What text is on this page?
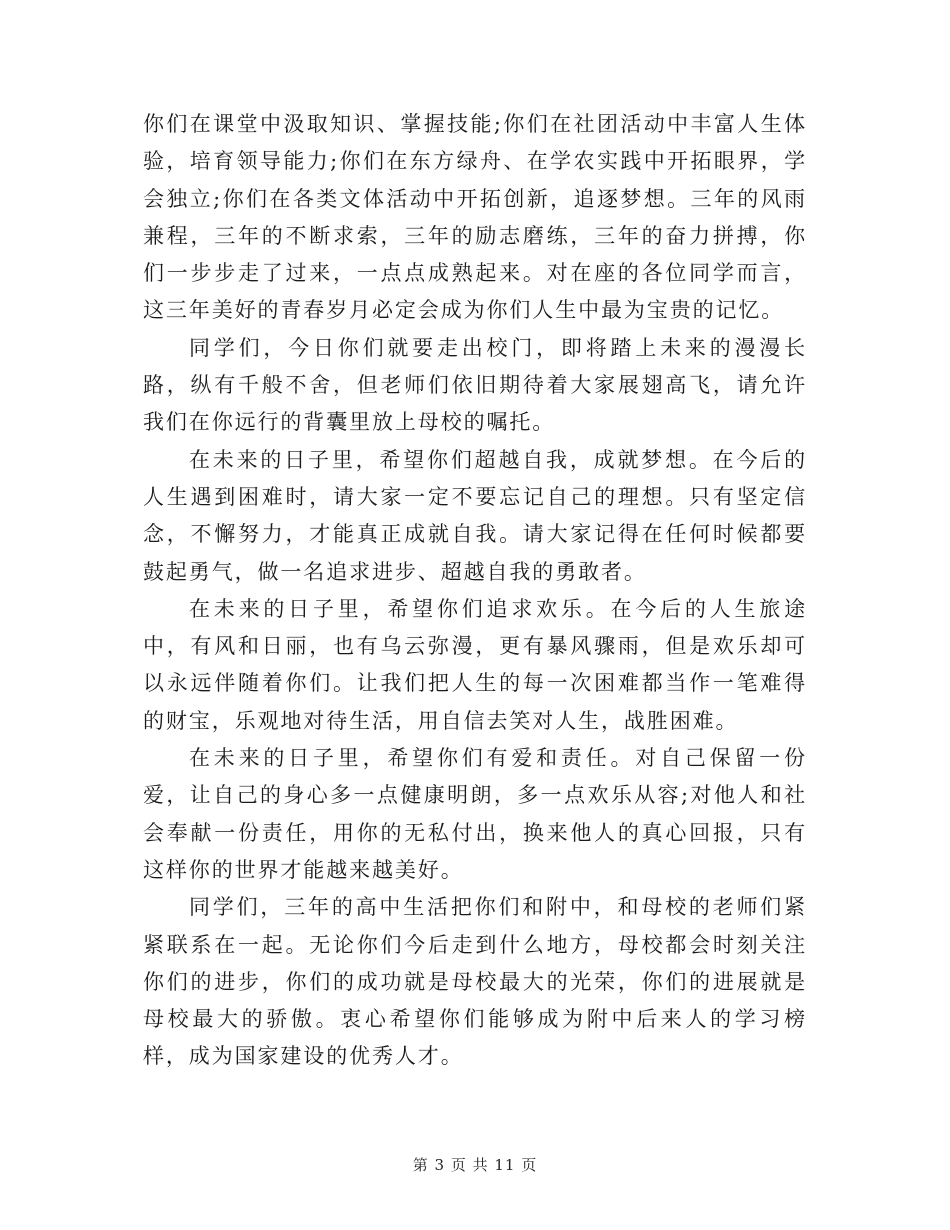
你们在课堂中汲取知识、掌握技能;你们在社团活动中丰富人生体验，培育领导能力;你们在东方绿舟、在学农实践中开拓眼界，学会独立;你们在各类文体活动中开拓创新，追逐梦想。三年的风雨兼程，三年的不断求索，三年的励志磨练，三年的奋力拼搏，你们一步步走了过来，一点点成熟起来。对在座的各位同学而言，这三年美好的青春岁月必定会成为你们人生中最为宝贵的记忆。

同学们，今日你们就要走出校门，即将踏上未来的漫漫长路，纵有千般不舍，但老师们依旧期待着大家展翅高飞，请允许我们在你远行的背囊里放上母校的嘱托。

在未来的日子里，希望你们超越自我，成就梦想。在今后的人生遇到困难时，请大家一定不要忘记自己的理想。只有坚定信念，不懈努力，才能真正成就自我。请大家记得在任何时候都要鼓起勇气，做一名追求进步、超越自我的勇敢者。

在未来的日子里，希望你们追求欢乐。在今后的人生旅途中，有风和日丽，也有乌云弥漫，更有暴风骤雨，但是欢乐却可以永远伴随着你们。让我们把人生的每一次困难都当作一笔难得的财宝，乐观地对待生活，用自信去笑对人生，战胜困难。

在未来的日子里，希望你们有爱和责任。对自己保留一份爱，让自己的身心多一点健康明朗，多一点欢乐从容;对他人和社会奉献一份责任，用你的无私付出，换来他人的真心回报，只有这样你的世界才能越来越美好。

同学们，三年的高中生活把你们和附中，和母校的老师们紧紧联系在一起。无论你们今后走到什么地方，母校都会时刻关注你们的进步，你们的成功就是母校最大的光荣，你们的进展就是母校最大的骄傲。衷心希望你们能够成为附中后来人的学习榜样，成为国家建设的优秀人才。

第 3 页 共 11 页
